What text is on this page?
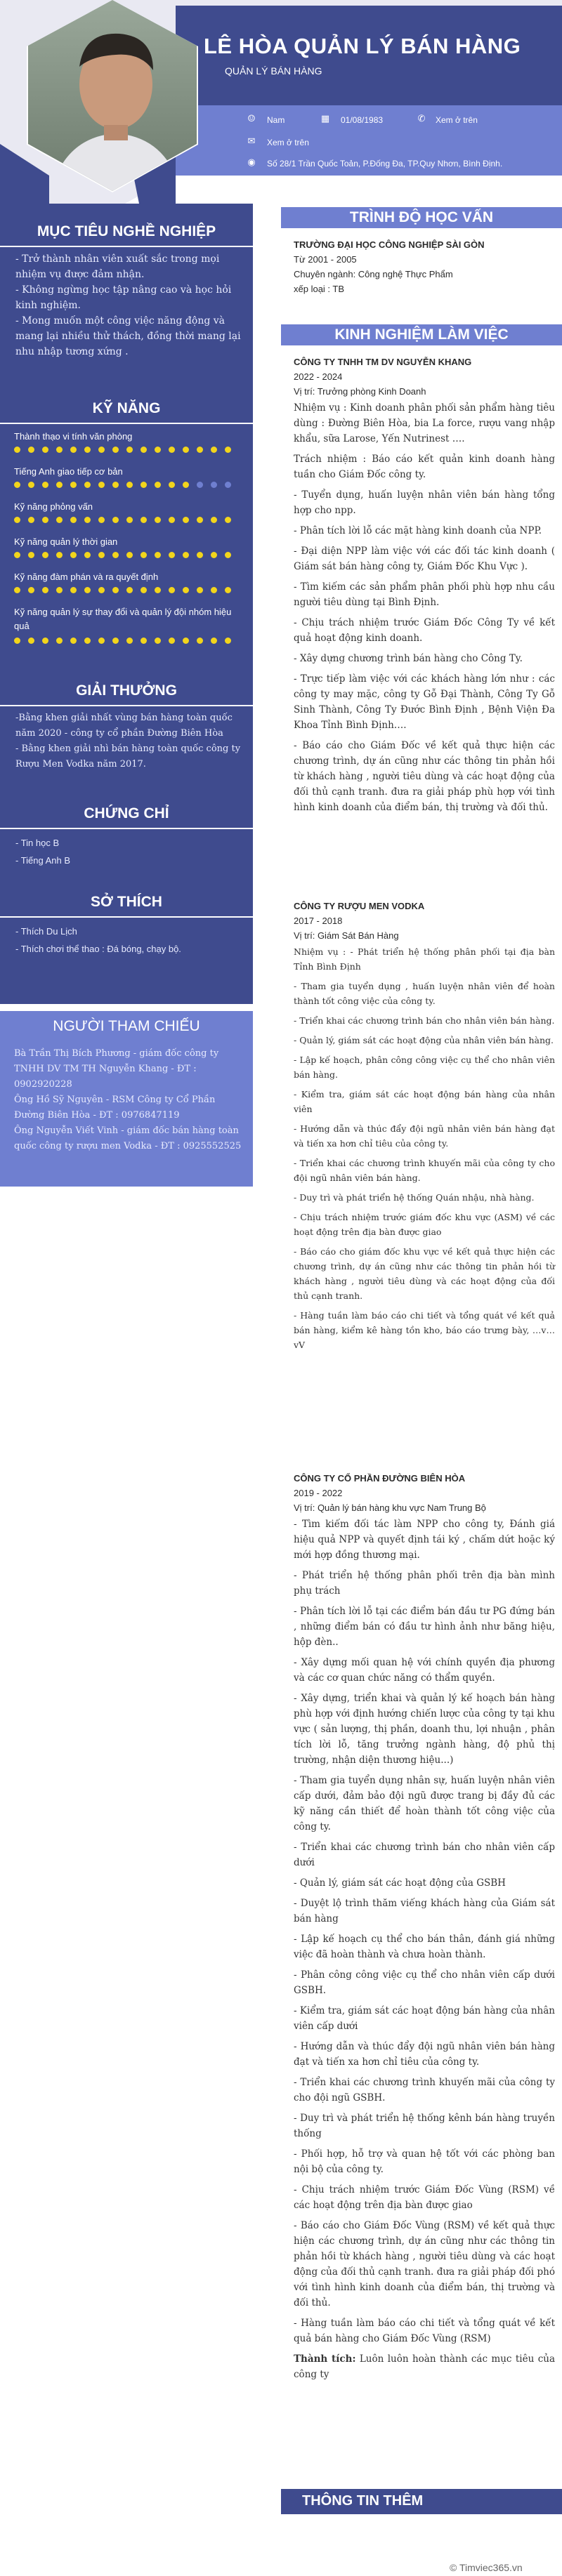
LÊ HÒA QUẢN LÝ BÁN HÀNG
QUẢN LÝ BÁN HÀNG
☺ Nam	▦ 01/08/1983	✆ Xem ở trên
✉ Xem ở trên
◉ Số 28/1 Trần Quốc Toản, P.Đống Đa, TP.Quy Nhơn, Bình Định.
MỤC TIÊU NGHỀ NGHIỆP
- Trở thành nhân viên xuất sắc trong mọi nhiệm vụ được đảm nhận.
- Không ngừng học tập nâng cao và học hỏi kinh nghiệm.
- Mong muốn một công việc năng động và mang lại nhiều thử thách, đồng thời mang lại nhu nhập tương xứng .
KỸ NĂNG
Thành thạo vi tính văn phòng
Tiếng Anh giao tiếp cơ bản
Kỹ năng phỏng vấn
Kỹ năng quản lý thời gian
Kỹ năng đàm phán và ra quyết định
Kỹ năng quản lý sự thay đổi và quản lý đội nhóm hiệu quả
GIẢI THƯỞNG
-Bằng khen giải nhất vùng bán hàng toàn quốc năm 2020 - công ty cổ phần Đường Biên Hòa
- Bằng khen giải nhì bán hàng toàn quốc công ty Rượu Men Vodka năm 2017.
CHỨNG CHỈ
- Tin học B
- Tiếng Anh B
SỞ THÍCH
- Thích Du Lịch
- Thích chơi thể thao : Đá bóng, chạy bộ.
NGƯỜI THAM CHIẾU
Bà Trần Thị Bích Phương - giám đốc công ty TNHH DV TM TH Nguyễn Khang - ĐT : 0902920228
Ông Hồ Sỹ Nguyên - RSM Công ty Cổ Phần Đường Biên Hòa - ĐT : 0976847119
Ông Nguyễn Viết Vinh - giám đốc bán hàng toàn quốc công ty rượu men Vodka - ĐT : 0925552525
TRÌNH ĐỘ HỌC VẤN
TRƯỜNG ĐẠI HỌC CÔNG NGHIỆP SÀI GÒN
Từ 2001 - 2005
Chuyên ngành: Công nghệ Thực Phẩm
xếp loại : TB
KINH NGHIỆM LÀM VIỆC
CÔNG TY TNHH TM DV NGUYỄN KHANG
2022 - 2024
Vị trí: Trưởng phòng Kinh Doanh
Nhiệm vụ : Kinh doanh phân phối sản phẩm hàng tiêu dùng : Đường Biên Hòa, bia La force, rượu vang nhập khẩu, sữa Larose, Yến Nutrinest ….
Trách nhiệm : Báo cáo kết quản kinh doanh hàng tuần cho Giám Đốc công ty.
- Tuyển dụng, huấn luyện nhân viên bán hàng tổng hợp cho npp.
- Phân tích lời lỗ các mặt hàng kinh doanh của NPP.
- Đại diện NPP làm việc với các đối tác kinh doanh ( Giám sát bán hàng công ty, Giám Đốc Khu Vực ).
- Tìm kiếm các sản phẩm phân phối phù hợp nhu cầu người tiêu dùng tại Bình Định.
- Chịu trách nhiệm trước Giám Đốc Công Ty về kết quả hoạt động kinh doanh.
- Xây dựng chương trình bán hàng cho Công Ty.
- Trực tiếp làm việc với các khách hàng lớn như : các công ty may mặc, công ty Gỗ Đại Thành, Công Ty Gỗ Sinh Thành, Công Ty Đước Bình Định , Bệnh Viện Đa Khoa Tỉnh Bình Định….
- Báo cáo cho Giám Đốc về kết quả thực hiện các chương trình, dự án cũng như các thông tin phản hồi từ khách hàng , người tiêu dùng và các hoạt động của đối thủ cạnh tranh. đưa ra giải pháp phù hợp với tình hình kinh doanh của điểm bán, thị trường và đối thủ.
CÔNG TY RƯỢU MEN VODKA
2017 - 2018
Vị trí: Giám Sát Bán Hàng
Nhiệm vụ : - Phát triển hệ thống phân phối tại địa bàn Tỉnh Bình Định
- Tham gia tuyển dụng , huấn luyện nhân viên để hoàn thành tốt công việc của công ty.
- Triển khai các chương trình bán cho nhân viên bán hàng.
- Quản lý, giám sát các hoạt động của nhân viên bán hàng.
- Lập kế hoạch, phân công công việc cụ thể cho nhân viên bán hàng.
- Kiểm tra, giám sát các hoạt động bán hàng của nhân viên
- Hướng dẫn và thúc đẩy đội ngũ nhân viên bán hàng đạt và tiến xa hơn chỉ tiêu của công ty.
- Triển khai các chương trình khuyến mãi của công ty cho đội ngũ nhân viên bán hàng.
- Duy trì và phát triển hệ thống Quán nhậu, nhà hàng.
- Chịu trách nhiệm trước giám đốc khu vực (ASM) về các hoạt động trên địa bàn được giao
- Báo cáo cho giám đốc khu vực về kết quả thực hiện các chương trình, dự án cũng như các thông tin phản hồi từ khách hàng , người tiêu dùng và các hoạt động của đối thủ cạnh tranh.
- Hàng tuần làm báo cáo chi tiết và tổng quát về kết quả bán hàng, kiểm kê hàng tồn kho, báo cáo trưng bày, …v…vV
CÔNG TY CỔ PHẦN ĐƯỜNG BIÊN HÒA
2019 - 2022
Vị trí: Quản lý bán hàng khu vực Nam Trung Bộ
- Tìm kiếm đối tác làm NPP cho công ty, Đánh giá hiệu quả NPP và quyết định tái ký , chấm dứt hoặc ký mới hợp đồng thương mại.
- Phát triển hệ thống phân phối trên địa bàn mình phụ trách
- Phân tích lời lỗ tại các điểm bán đầu tư PG đứng bán , những điểm bán có đầu tư hình ảnh như băng hiệu, hộp đèn..
- Xây dựng mối quan hệ với chính quyền địa phương và các cơ quan chức năng có thẩm quyền.
- Xây dựng, triển khai và quản lý kế hoạch bán hàng phù hợp với định hướng chiến lược của công ty tại khu vực ( sản lượng, thị phần, doanh thu, lợi nhuận , phân tích lời lỗ, tăng trưởng ngành hàng, độ phủ thị trường, nhận diện thương hiệu...)
- Tham gia tuyển dụng nhân sự, huấn luyện nhân viên cấp dưới, đảm bảo đội ngũ được trang bị đầy đủ các kỹ năng cần thiết để hoàn thành tốt công việc của công ty.
- Triển khai các chương trình bán cho nhân viên cấp dưới
- Quản lý, giám sát các hoạt động của GSBH
- Duyệt lộ trình thăm viếng khách hàng của Giám sát bán hàng
- Lập kế hoạch cụ thể cho bán thân, đánh giá những việc đã hoàn thành và chưa hoàn thành.
- Phân công công việc cụ thể cho nhân viên cấp dưới GSBH.
- Kiểm tra, giám sát các hoạt động bán hàng của nhân viên cấp dưới
- Hướng dẫn và thúc đẩy đội ngũ nhân viên bán hàng đạt và tiến xa hơn chỉ tiêu của công ty.
- Triển khai các chương trình khuyến mãi của công ty cho đội ngũ GSBH.
- Duy trì và phát triển hệ thống kênh bán hàng truyền thống
- Phối hợp, hỗ trợ và quan hệ tốt với các phòng ban nội bộ của công ty.
- Chịu trách nhiệm trước Giám Đốc Vùng (RSM) về các hoạt động trên địa bàn được giao
- Báo cáo cho Giám Đốc Vùng (RSM) về kết quả thực hiện các chương trình, dự án cũng như các thông tin phản hồi từ khách hàng , người tiêu dùng và các hoạt động của đối thủ cạnh tranh. đưa ra giải pháp đối phó với tình hình kinh doanh của điểm bán, thị trường và đối thủ.
- Hàng tuần làm báo cáo chi tiết và tổng quát về kết quả bán hàng cho Giám Đốc Vùng (RSM)
Thành tích: Luôn luôn hoàn thành các mục tiêu của công ty
THÔNG TIN THÊM
© Timviec365.vn
